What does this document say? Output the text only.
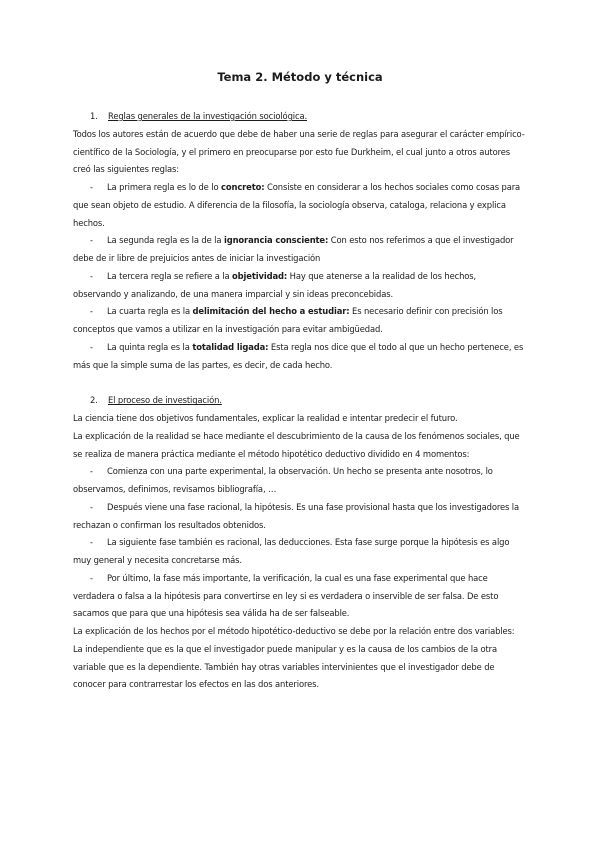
Tema 2. Método y técnica

1. Reglas generales de la investigación sociológica.

Todos los autores están de acuerdo que debe de haber una serie de reglas para asegurar el carácter empírico-científico de la Sociología, y el primero en preocuparse por esto fue Durkheim, el cual junto a otros autores creó las siguientes reglas:

- La primera regla es lo de lo concreto: Consiste en considerar a los hechos sociales como cosas para que sean objeto de estudio. A diferencia de la filosofía, la sociología observa, cataloga, relaciona y explica hechos.

- La segunda regla es la de la ignorancia consciente: Con esto nos referimos a que el investigador debe de ir libre de prejuicios antes de iniciar la investigación

- La tercera regla se refiere a la objetividad: Hay que atenerse a la realidad de los hechos, observando y analizando, de una manera imparcial y sin ideas preconcebidas.

- La cuarta regla es la delimitación del hecho a estudiar: Es necesario definir con precisión los conceptos que vamos a utilizar en la investigación para evitar ambigüedad.

- La quinta regla es la totalidad ligada: Esta regla nos dice que el todo al que un hecho pertenece, es más que la simple suma de las partes, es decir, de cada hecho.

2. El proceso de investigación.

La ciencia tiene dos objetivos fundamentales, explicar la realidad e intentar predecir el futuro.

La explicación de la realidad se hace mediante el descubrimiento de la causa de los fenómenos sociales, que se realiza de manera práctica mediante el método hipotético deductivo dividido en 4 momentos:

- Comienza con una parte experimental, la observación. Un hecho se presenta ante nosotros, lo observamos, definimos, revisamos bibliografía, …

- Después viene una fase racional, la hipótesis. Es una fase provisional hasta que los investigadores la rechazan o confirman los resultados obtenidos.

- La siguiente fase también es racional, las deducciones. Esta fase surge porque la hipótesis es algo muy general y necesita concretarse más.

- Por último, la fase más importante, la verificación, la cual es una fase experimental que hace verdadera o falsa a la hipótesis para convertirse en ley si es verdadera o inservible de ser falsa. De esto sacamos que para que una hipótesis sea válida ha de ser falseable.

La explicación de los hechos por el método hipotético-deductivo se debe por la relación entre dos variables: La independiente que es la que el investigador puede manipular y es la causa de los cambios de la otra variable que es la dependiente. También hay otras variables intervinientes que el investigador debe de conocer para contrarrestar los efectos en las dos anteriores.
